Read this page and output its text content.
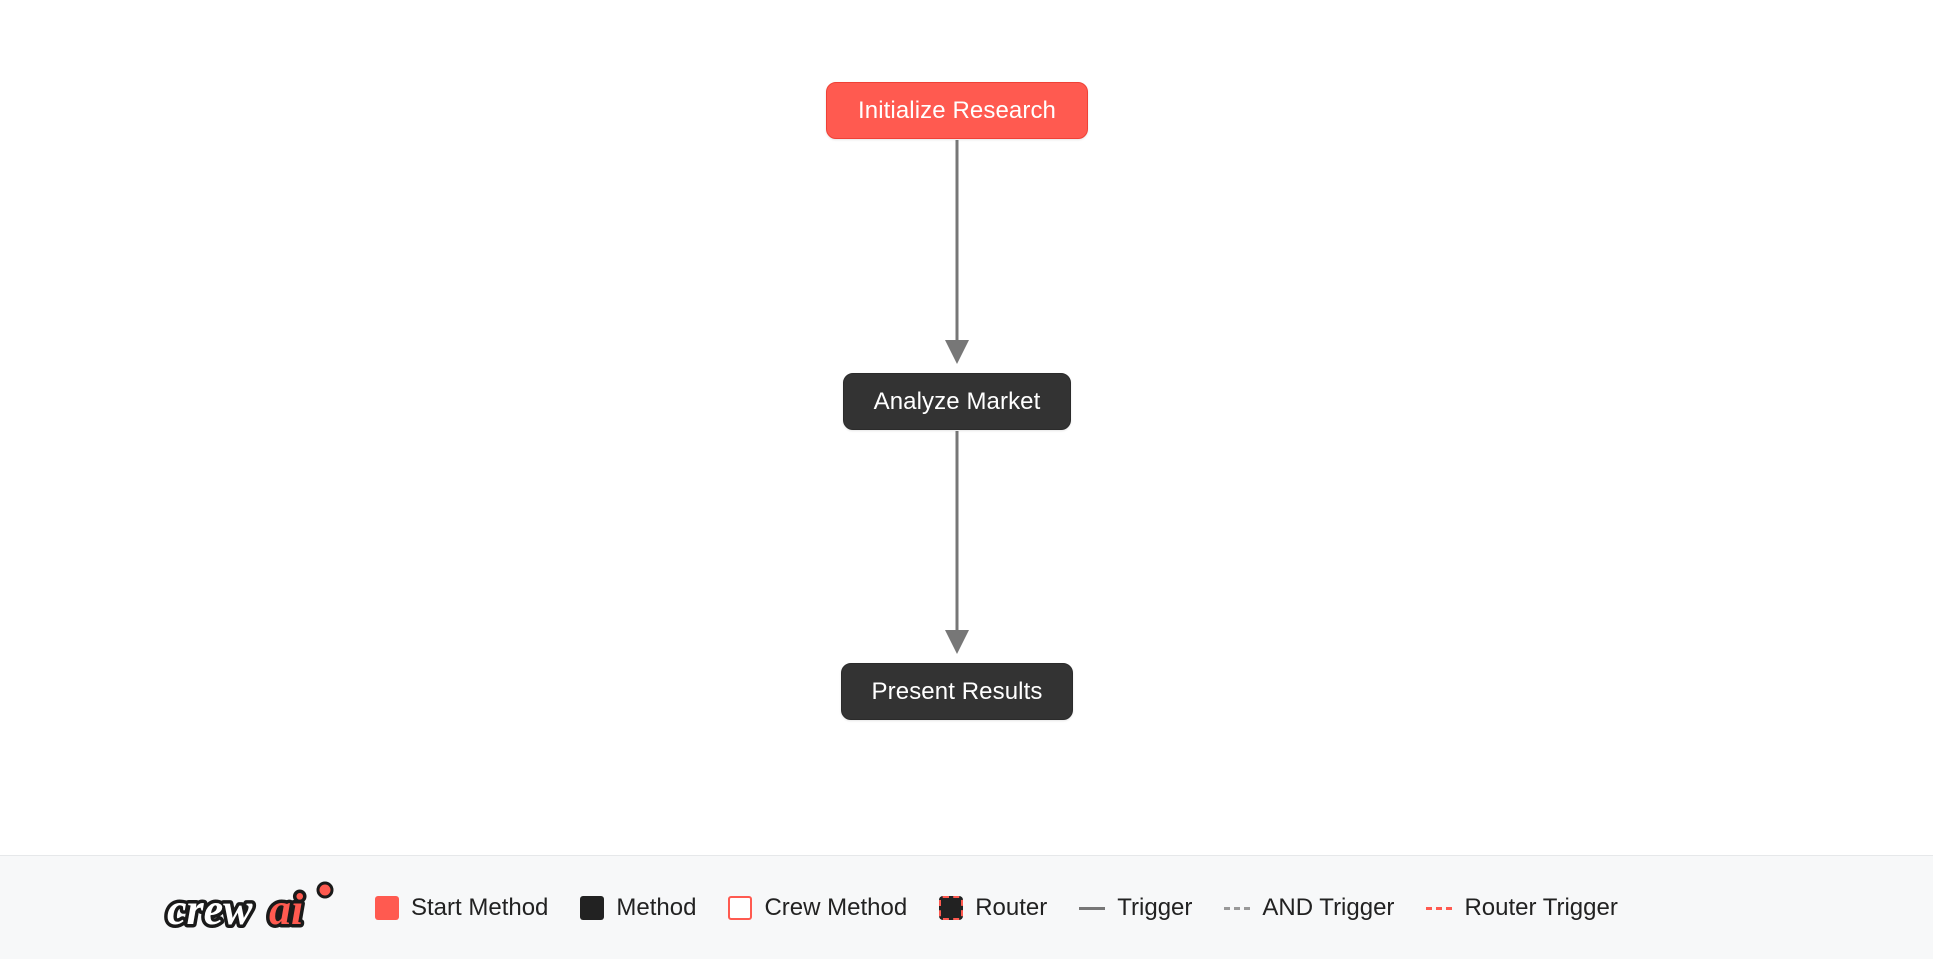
Initialize Research
Analyze Market
Present Results
crew ai	Start Method	Method	Crew Method	Router	Trigger	AND Trigger	Router Trigger
